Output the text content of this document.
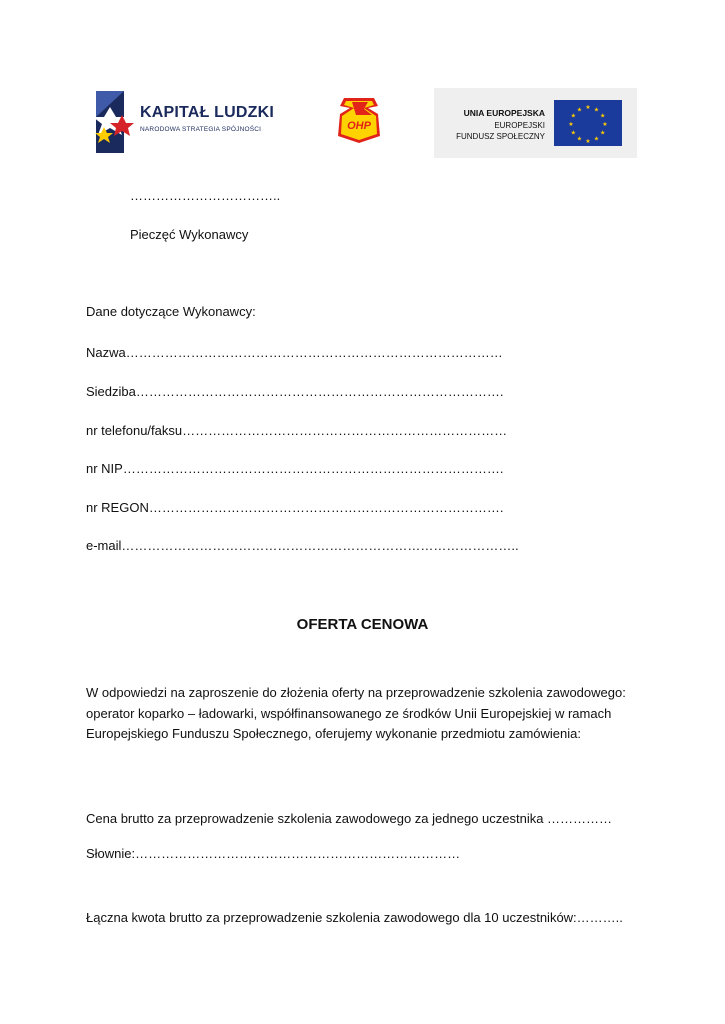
KAPITAŁ LUDZKI
NARODOWA STRATEGIA SPÓJNOŚCI	OHP
UNIA EUROPEJSKA
EUROPEJSKI
FUNDUSZ SPOŁECZNY
★ ★
★
★
★
★
★
★
★
★
★
★
……………………………..
Pieczęć Wykonawcy
Dane dotyczące Wykonawcy:
Nazwa……………………………………………………………………………
Siedziba………………………………………………………………………….
nr telefonu/faksu…………………………………………………………………
nr NIP…………………………………………………………………………….
nr REGON……………………………………………………………………….
e-mail………………………………………………………………………………..
OFERTA CENOWA
W odpowiedzi na zaproszenie do złożenia oferty na przeprowadzenie szkolenia zawodowego: operator koparko – ładowarki, współfinansowanego ze środków Unii Europejskiej w ramach Europejskiego Funduszu Społecznego, oferujemy wykonanie przedmiotu zamówienia:
Cena brutto za przeprowadzenie szkolenia zawodowego za jednego uczestnika ……………
Słownie:…………………………………………………………………
Łączna kwota brutto za przeprowadzenie szkolenia zawodowego dla 10 uczestników:………..
